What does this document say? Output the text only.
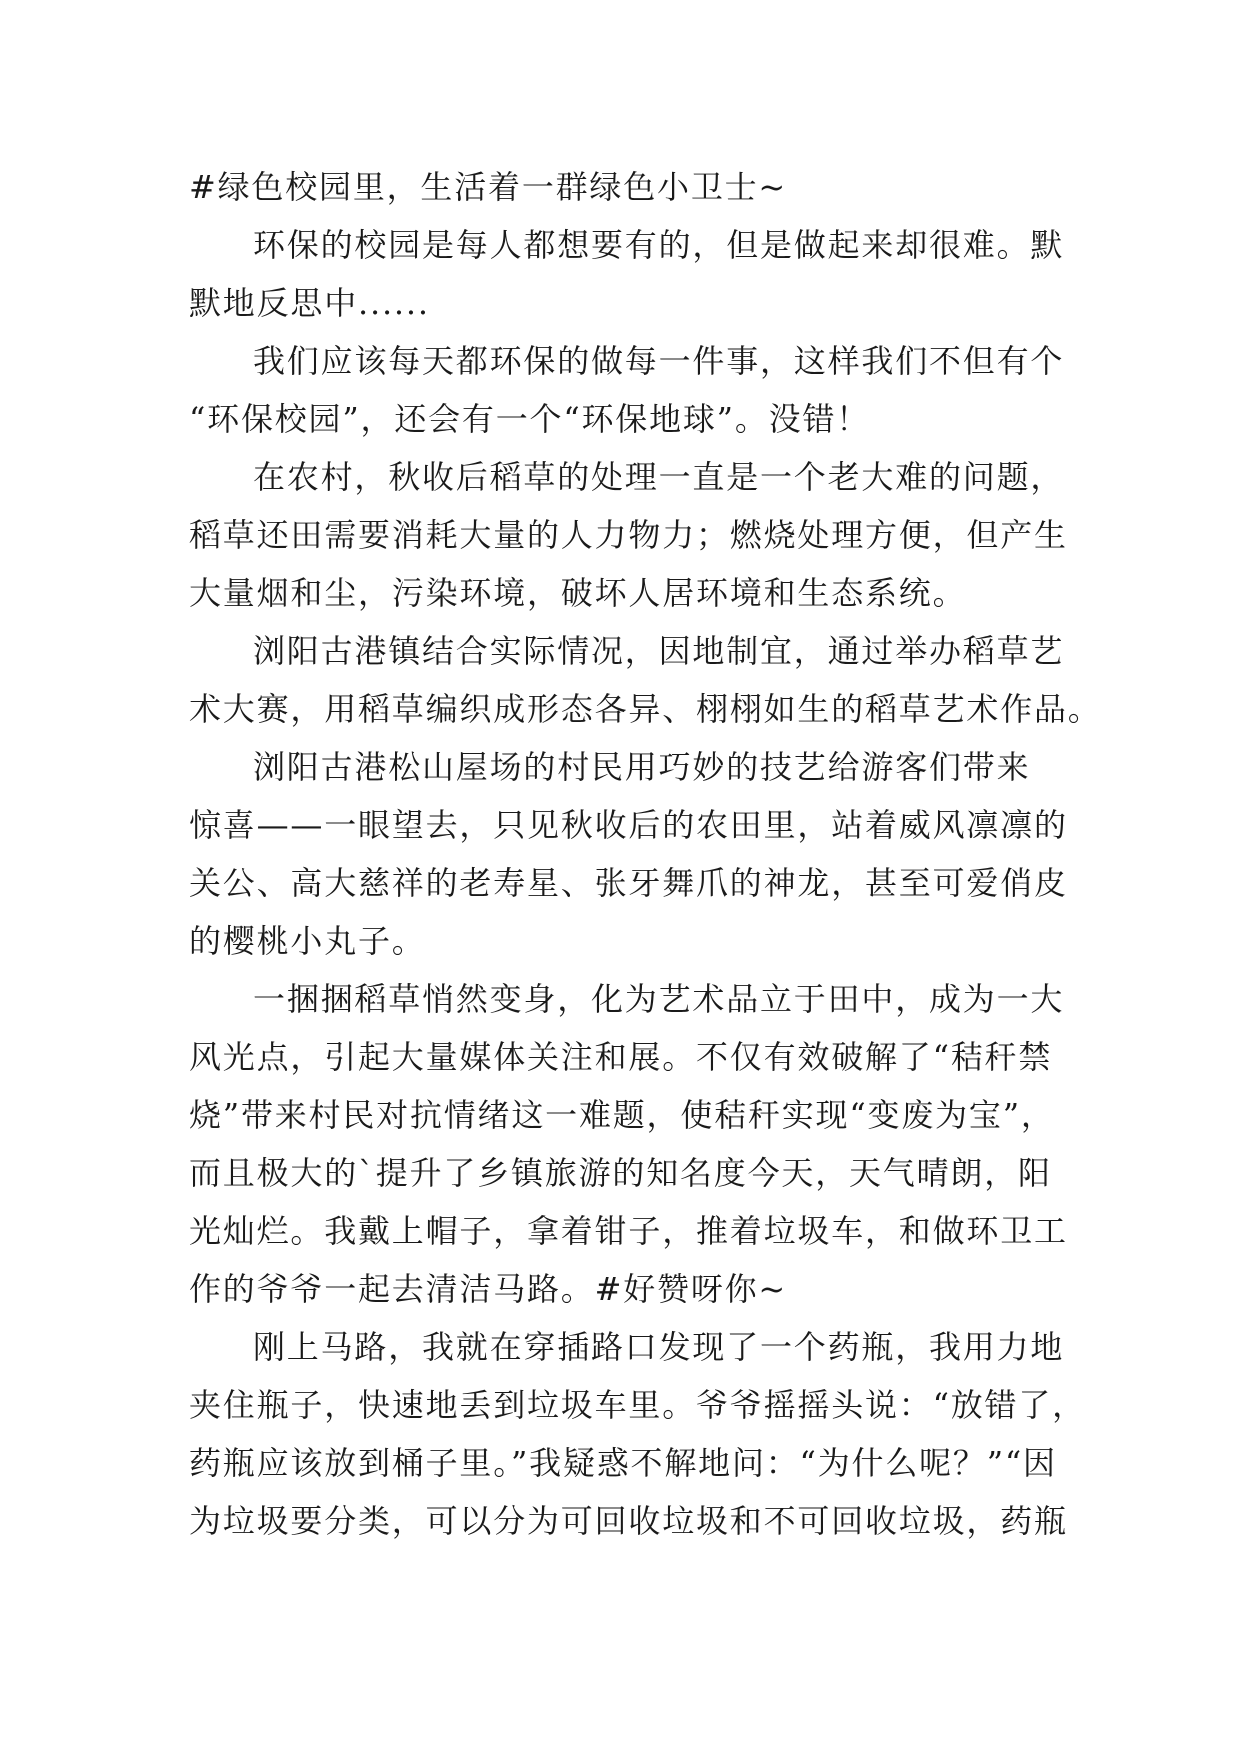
#绿色校园里，生活着一群绿色小卫士~
环保的校园是每人都想要有的，但是做起来却很难。默
默地反思中......
我们应该每天都环保的做每一件事，这样我们不但有个
“环保校园”，还会有一个“环保地球”。没错！
在农村，秋收后稻草的处理一直是一个老大难的问题，
稻草还田需要消耗大量的人力物力；燃烧处理方便，但产生
大量烟和尘，污染环境，破坏人居环境和生态系统。
浏阳古港镇结合实际情况，因地制宜，通过举办稻草艺
术大赛，用稻草编织成形态各异、栩栩如生的稻草艺术作品。
浏阳古港松山屋场的村民用巧妙的技艺给游客们带来
惊喜——一眼望去，只见秋收后的农田里，站着威风凛凛的
关公、高大慈祥的老寿星、张牙舞爪的神龙，甚至可爱俏皮
的樱桃小丸子。
一捆捆稻草悄然变身，化为艺术品立于田中，成为一大
风光点，引起大量媒体关注和展。不仅有效破解了“秸秆禁
烧”带来村民对抗情绪这一难题，使秸秆实现“变废为宝”，
而且极大的`提升了乡镇旅游的知名度今天，天气晴朗，阳
光灿烂。我戴上帽子，拿着钳子，推着垃圾车，和做环卫工
作的爷爷一起去清洁马路。#好赞呀你~
刚上马路，我就在穿插路口发现了一个药瓶，我用力地
夹住瓶子，快速地丢到垃圾车里。爷爷摇摇头说：“放错了，
药瓶应该放到桶子里。”我疑惑不解地问：“为什么呢？”“因
为垃圾要分类，可以分为可回收垃圾和不可回收垃圾，药瓶
